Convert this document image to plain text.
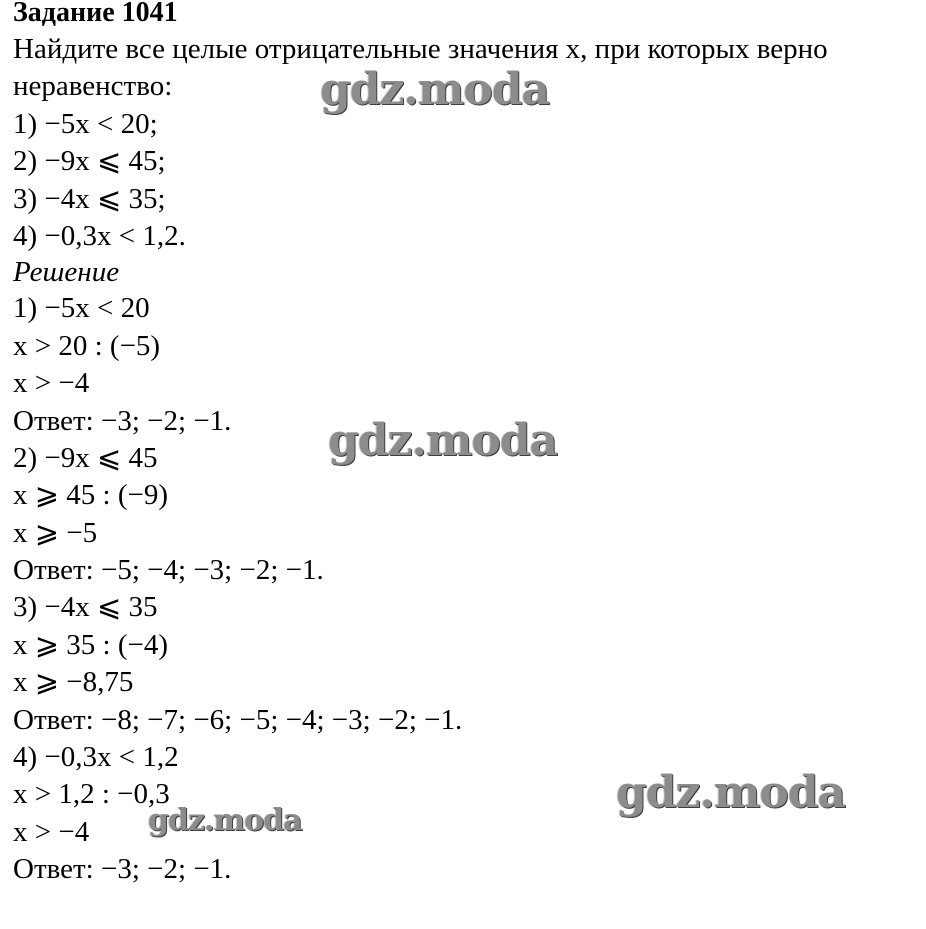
Задание 1041
Найдите все целые отрицательные значения x, при которых верно
неравенство:
1) −5x < 20;
2) −9x ⩽ 45;
3) −4x ⩽ 35;
4) −0,3x < 1,2.
Решение
1) −5x < 20
x > 20 : (−5)
x > −4
Ответ: −3; −2; −1.
2) −9x ⩽ 45
x ⩾ 45 : (−9)
x ⩾ −5
Ответ: −5; −4; −3; −2; −1.
3) −4x ⩽ 35
x ⩾ 35 : (−4)
x ⩾ −8,75
Ответ: −8; −7; −6; −5; −4; −3; −2; −1.
4) −0,3x < 1,2
x > 1,2 : −0,3
x > −4
Ответ: −3; −2; −1.
gdz.moda
gdz.moda
gdz.moda
gdz.moda
